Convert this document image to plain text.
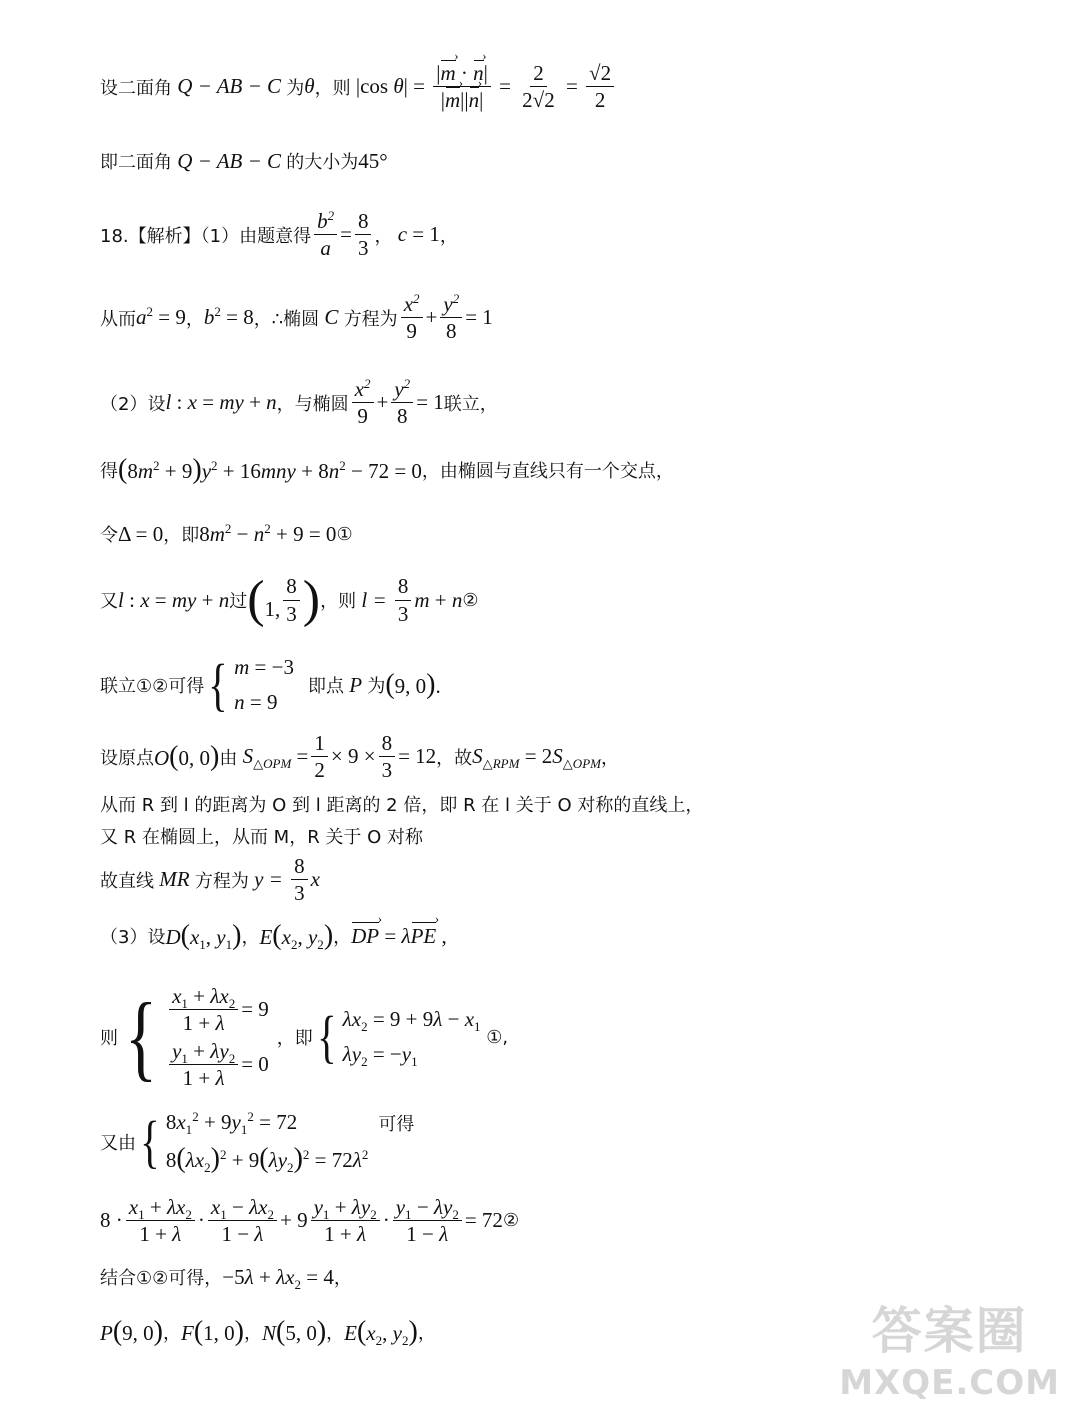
设二面角 Q − AB − C 为 θ ，则 |cos $\theta| = \frac{|m › \cdot n ›|}{|m ›||n ›|} = \frac{2}{2√2} = \frac{√2}{2}$
即二面角 Q − AB − C 的大小为 45°
18.【解析】（1）由题意得 $\frac{b^2}{a} = \frac{8}{3}$ ， c = 1 ，
从而 $a^2 = 9$ ， $b^2 = 8$ ，∴椭圆 C 方程为 $\frac{x^2}{9} + \frac{y^2}{8} = 1$
（2）设 l : x = my + n ，与椭圆 $\frac{x^2}{9} + \frac{y^2}{8} = 1$ 联立，
得 $(8m^2 + 9)y^2 + 16mny + 8n^2 - 72 = 0$ ，由椭圆与直线只有一个交点，
令 Δ = 0 ，即 $8m^2 - n^2 + 9 = 0$ ①
又 l : x = my + n 过 (1, $\frac{8}{3}$ ) ，则 $l = \frac{8}{3}$ m + n ②
联立①②可得 { m = −3
n = 9
即点 P 为 (9, 0).
设原点 O(0, 0) 由 $S_{\triangle OPM} = \frac{1}{2} \times 9 \times \frac{8}{3} = 12$ ，故 $S_{\triangle RPM} = 2S_{\triangle OPM}$ ，
从而 R 到 l 的距离为 O 到 l 距离的 2 倍，即 R 在 l 关于 O 对称的直线上，
又 R 在椭圆上，从而 M，R 关于 O 对称
故直线 MR 方程为 $y = \frac{8}{3}$ x
（3）设 $D(x_1$, $y_1$) ， $E(x_2$, $y_2$) ， DP › = λPE › ,
则 { $\frac{x_1 + \lambda x_2}{1 + \lambda} = 9$
$\frac{y_1 + \lambda y_2}{1 + \lambda} = 0$
，即 { $\lambda x_2 = 9 + 9\lambda - x_1$
$\lambda y_2 = -y_1$
①,
又由 { $8x_1^2 + 9y_1^2 = 72$
$8(\lambda x_2)^2 + 9(\lambda y_2)^2 = 72\lambda^2$
可得
$8 \cdot \frac{x_1 + \lambda x_2}{1 + \lambda} \cdot \frac{x_1 - \lambda x_2}{1 - \lambda} + 9 \frac{y_1 + \lambda y_2}{1 + \lambda} \cdot \frac{y_1 - \lambda y_2}{1 - \lambda} = 72$ ②
结合①②可得， $-5\lambda + \lambda x_2 = 4$ ，
P(9, 0) ， F(1, 0) ， N(5, 0) ， $E(x_2$, $y_2$) ，	答案圈
MXQE.COM
